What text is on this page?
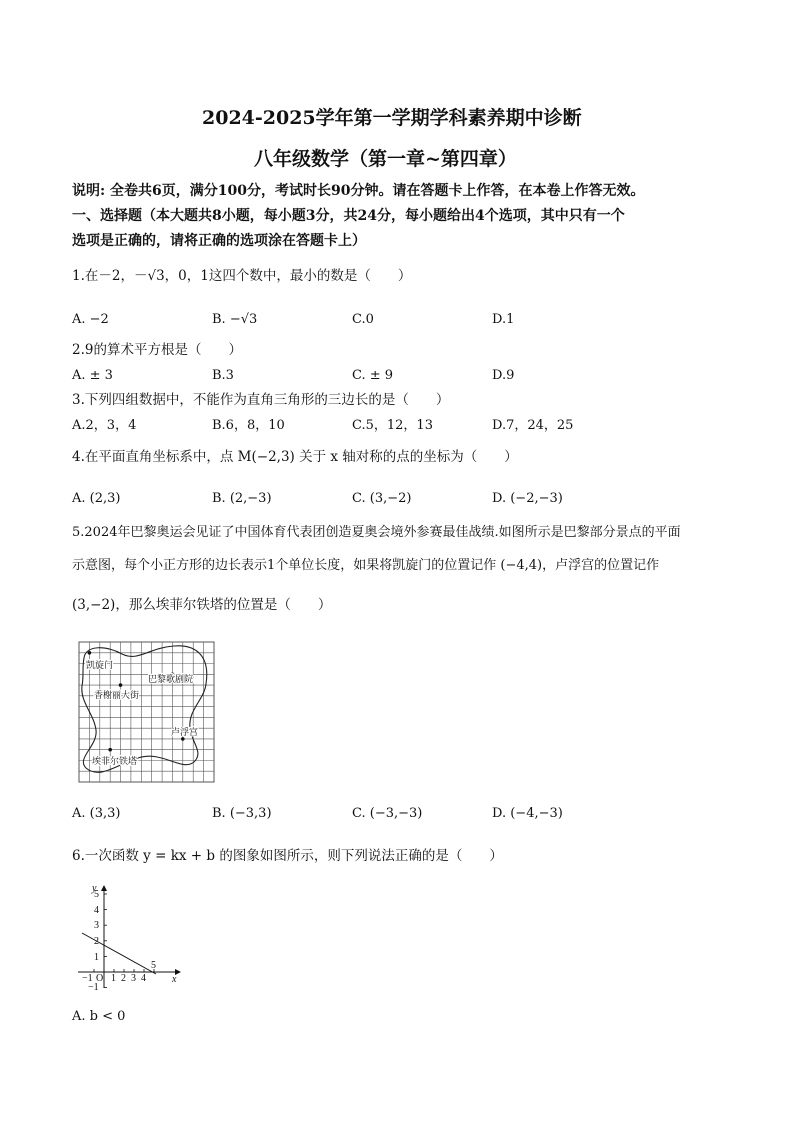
2024-2025学年第一学期学科素养期中诊断
八年级数学（第一章~第四章）
说明: 全卷共6页，满分100分，考试时长90分钟。请在答题卡上作答，在本卷上作答无效。
一、选择题（本大题共8小题，每小题3分，共24分，每小题给出4个选项，其中只有一个
选项是正确的，请将正确的选项涂在答题卡上）
1.在－2，－√3，0，1这四个数中，最小的数是（　　）
A. −2	B. −√3	C.0	D.1
2.9的算术平方根是（　　）
A. ± 3	B.3	C. ± 9	D.9
3.下列四组数据中，不能作为直角三角形的三边长的是（　　）
A.2，3，4	B.6，8，10	C.5，12，13	D.7，24，25
4.在平面直角坐标系中，点 M(−2,3) 关于 x 轴对称的点的坐标为（　　）
A. (2,3)	B. (2,−3)	C. (3,−2)	D. (−2,−3)
5.2024年巴黎奥运会见证了中国体育代表团创造夏奥会境外参赛最佳战绩.如图所示是巴黎部分景点的平面
示意图，每个小正方形的边长表示1个单位长度，如果将凯旋门的位置记作 (−4,4)，卢浮宫的位置记作
(3,−2)，那么埃菲尔铁塔的位置是（　　）
凯旋门
巴黎歌剧院
香榭丽大街
卢浮宫
埃菲尔铁塔
A. (3,3)	B. (−3,3)	C. (−3,−3)	D. (−4,−3)
6.一次函数 y = kx + b 的图象如图所示，则下列说法正确的是（　　）
y
x
5
4
3
2
1
−1
−1 O 1 2 3 4
5
A. b < 0
